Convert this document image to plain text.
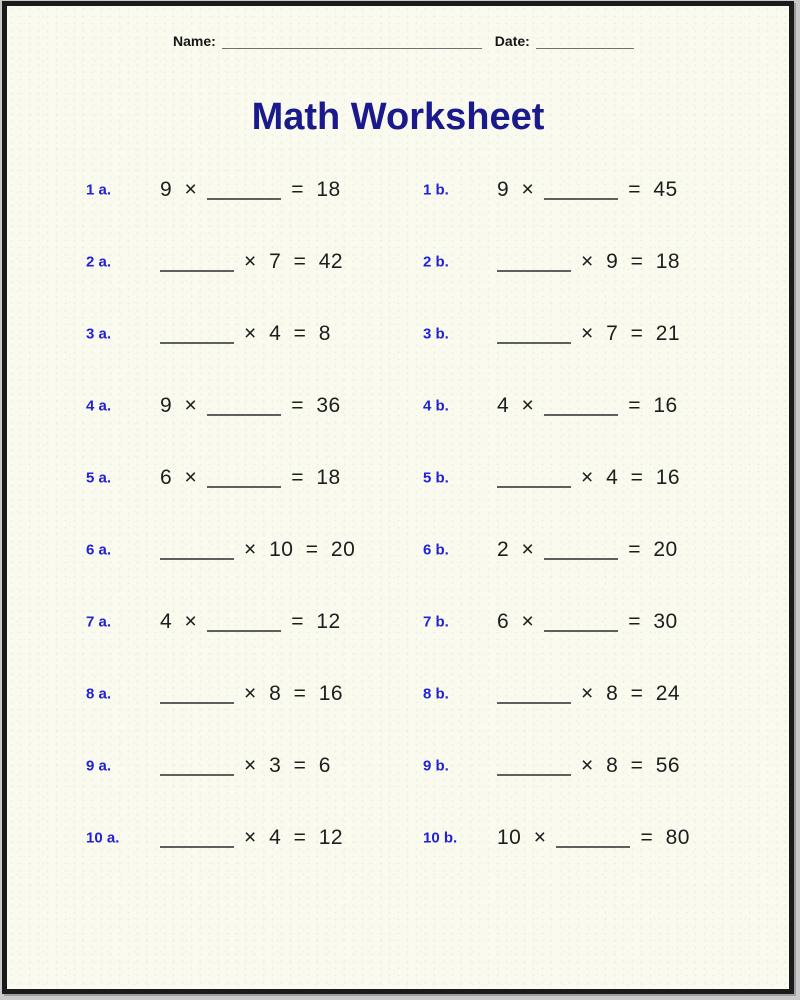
Name:	Date:
Math Worksheet
1 a. 9 ×	= 18	1 b. 9 ×	= 45
2 a.	× 7 = 42	2 b.	× 9 = 18
3 a.	× 4 = 8	3 b.	× 7 = 21
4 a. 9 ×	= 36	4 b. 4 ×	= 16
5 a. 6 ×	= 18	5 b.	× 4 = 16
6 a.	× 10 = 20	6 b. 2 ×	= 20
7 a. 4 ×	= 12	7 b. 6 ×	= 30
8 a.	× 8 = 16	8 b.	× 8 = 24
9 a.	× 3 = 6	9 b.	× 8 = 56
10 a.	× 4 = 12	10 b. 10 ×	= 80
